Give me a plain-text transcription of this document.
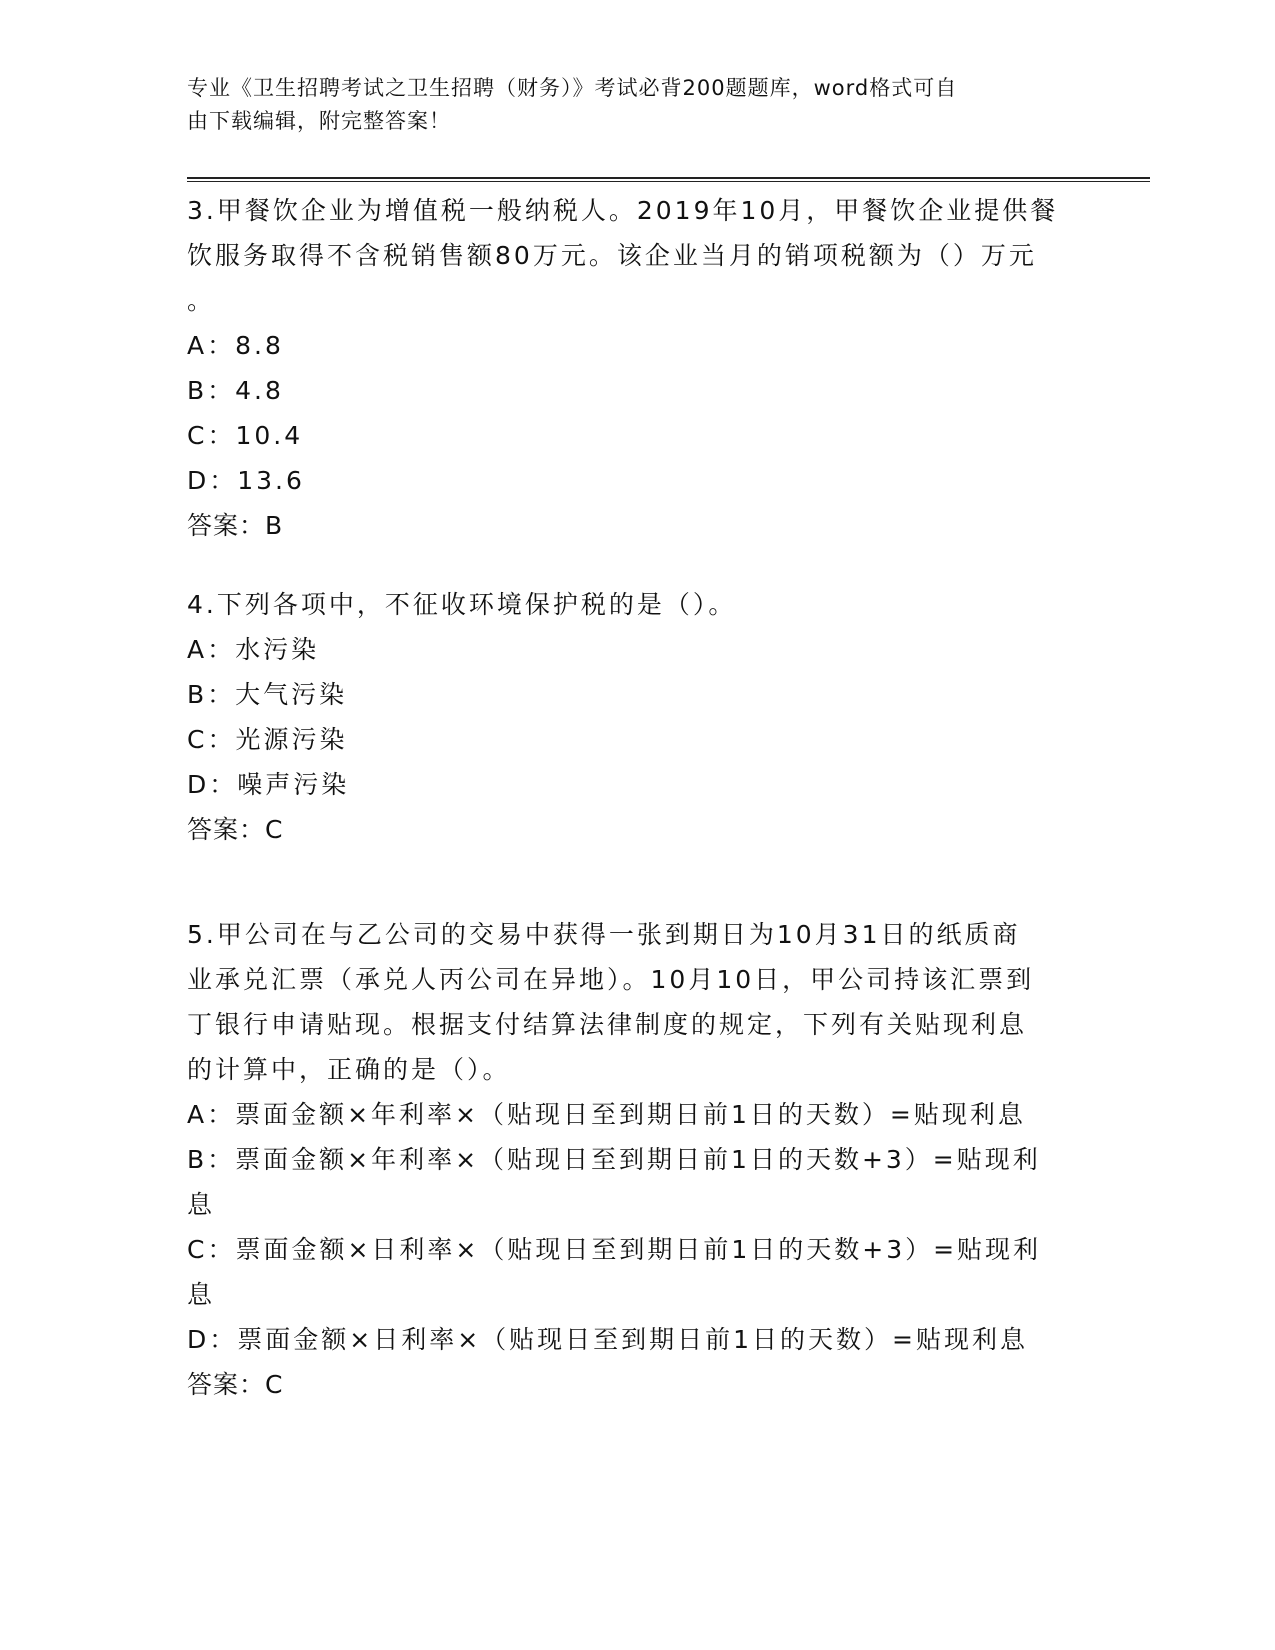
专业《卫生招聘考试之卫生招聘（财务）》考试必背200题题库，word格式可自
由下载编辑，附完整答案！
3.甲餐饮企业为增值税一般纳税人。2019年10月，甲餐饮企业提供餐
饮服务取得不含税销售额80万元。该企业当月的销项税额为（）万元
。
A：8.8
B：4.8
C：10.4
D：13.6
答案：B
4.下列各项中，不征收环境保护税的是（）。
A：水污染
B：大气污染
C：光源污染
D：噪声污染
答案：C
5.甲公司在与乙公司的交易中获得一张到期日为10月31日的纸质商
业承兑汇票（承兑人丙公司在异地）。10月10日，甲公司持该汇票到
丁银行申请贴现。根据支付结算法律制度的规定，下列有关贴现利息
的计算中，正确的是（）。
A：票面金额×年利率×（贴现日至到期日前1日的天数）=贴现利息
B：票面金额×年利率×（贴现日至到期日前1日的天数+3）=贴现利
息
C：票面金额×日利率×（贴现日至到期日前1日的天数+3）=贴现利
息
D：票面金额×日利率×（贴现日至到期日前1日的天数）=贴现利息
答案：C
